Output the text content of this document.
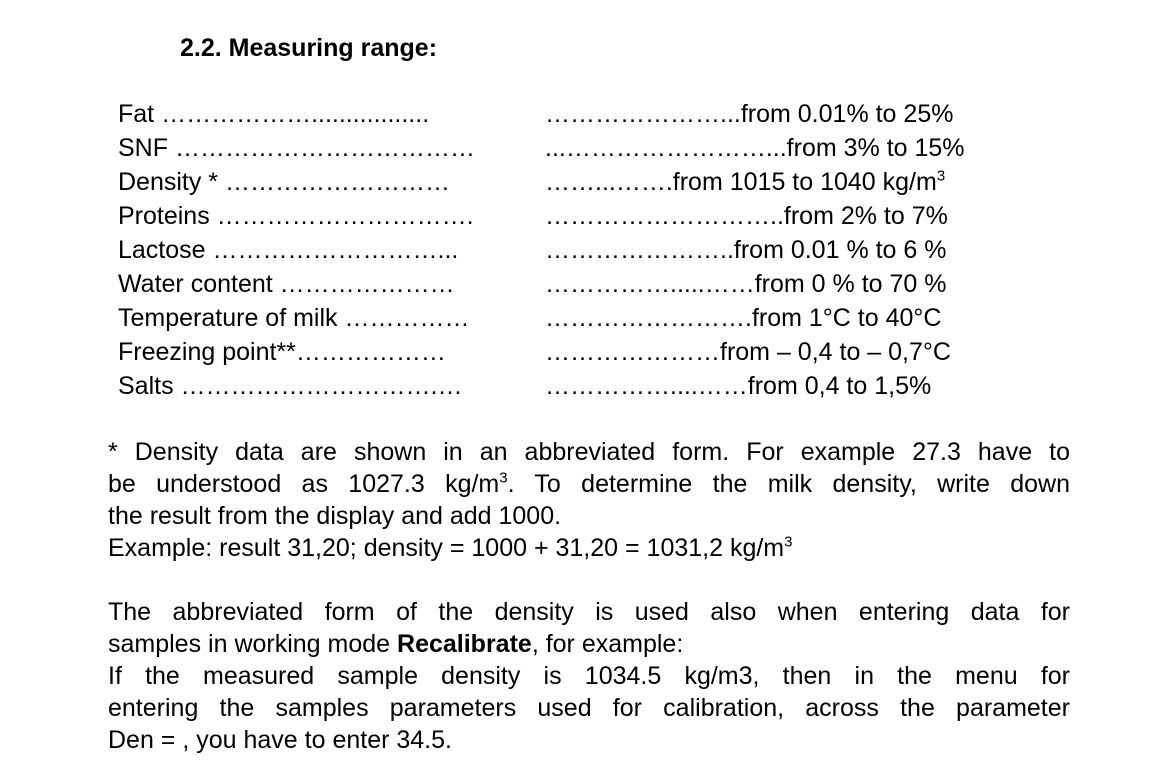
2.2. Measuring range:
Fat ……………….................	…………………...from 0.01% to 25%
SNF ………………………………	...……………………...from 3% to 15%
Density * ………………………	……...…….from 1015 to 1040 $kg/m^3$
Proteins ………………………….	………………………..from 2% to 7%
Lactose ………………………...	…………………..from 0.01 % to 6 %
Water content …………………	…………….....……from 0 % to 70 %
Temperature of milk ……………	…………………….from 1°C to 40°C
Freezing point**………………	…………………from – 0,4 to – 0,7°C
Salts ………………………….…	……………....……from 0,4 to 1,5%

* Density data are shown in an abbreviated form. For example 27.3 have to

be understood as 1027.3 $kg/m^3$. To determine the milk density, write down

the result from the display and add 1000.

Example: result 31,20; density = 1000 + 31,20 = 1031,2 $kg/m^3$

The abbreviated form of the density is used also when entering data for

samples in working mode Recalibrate, for example:

If the measured sample density is 1034.5 kg/m3, then in the menu for

entering the samples parameters used for calibration, across the parameter

Den = , you have to enter 34.5.
